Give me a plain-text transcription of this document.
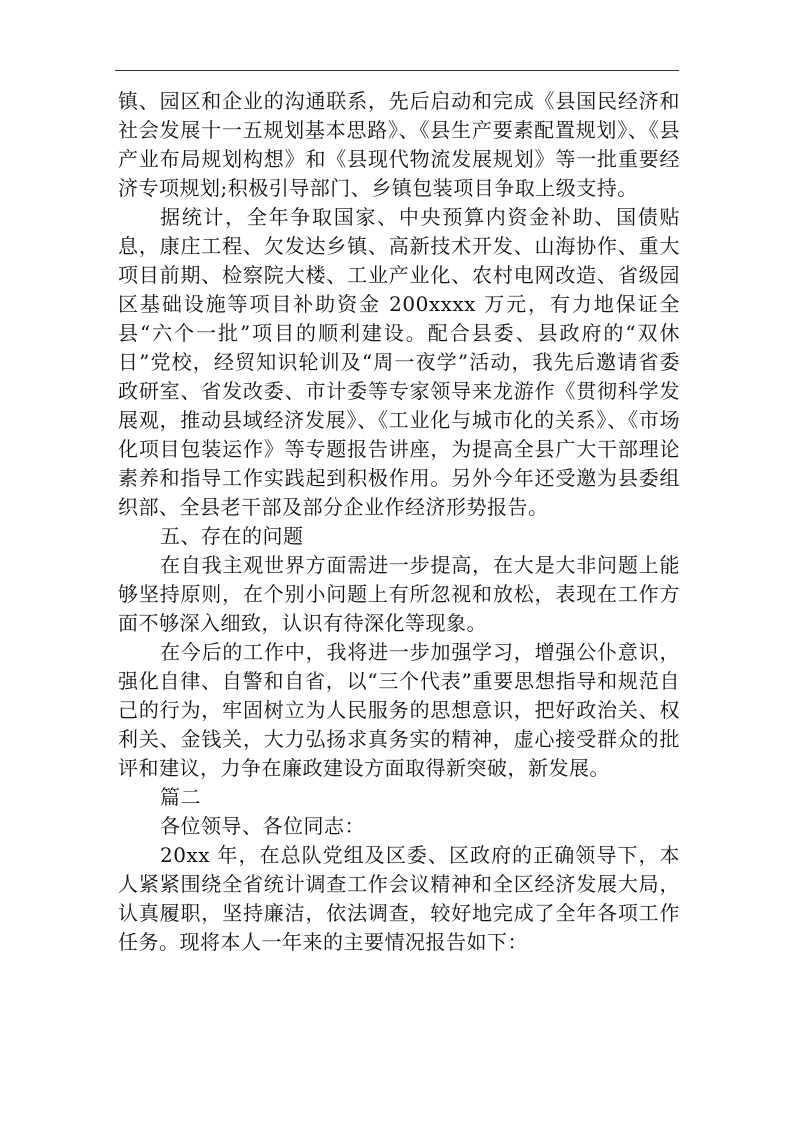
镇、园区和企业的沟通联系，先后启动和完成《县国民经济和社会发展十一五规划基本思路》、《县生产要素配置规划》、《县产业布局规划构想》和《县现代物流发展规划》等一批重要经济专项规划;积极引导部门、乡镇包装项目争取上级支持。

据统计，全年争取国家、中央预算内资金补助、国债贴息，康庄工程、欠发达乡镇、高新技术开发、山海协作、重大项目前期、检察院大楼、工业产业化、农村电网改造、省级园区基础设施等项目补助资金 200xxxx 万元，有力地保证全县“六个一批”项目的顺利建设。配合县委、县政府的“双休日”党校，经贸知识轮训及“周一夜学”活动，我先后邀请省委政研室、省发改委、市计委等专家领导来龙游作《贯彻科学发展观，推动县域经济发展》、《工业化与城市化的关系》、《市场化项目包装运作》等专题报告讲座，为提高全县广大干部理论素养和指导工作实践起到积极作用。另外今年还受邀为县委组织部、全县老干部及部分企业作经济形势报告。

五、存在的问题

在自我主观世界方面需进一步提高，在大是大非问题上能够坚持原则，在个别小问题上有所忽视和放松，表现在工作方面不够深入细致，认识有待深化等现象。

在今后的工作中，我将进一步加强学习，增强公仆意识，强化自律、自警和自省，以“三个代表”重要思想指导和规范自己的行为，牢固树立为人民服务的思想意识，把好政治关、权利关、金钱关，大力弘扬求真务实的精神，虚心接受群众的批评和建议，力争在廉政建设方面取得新突破，新发展。

篇二

各位领导、各位同志：

20xx 年，在总队党组及区委、区政府的正确领导下，本人紧紧围绕全省统计调查工作会议精神和全区经济发展大局，认真履职，坚持廉洁，依法调查，较好地完成了全年各项工作任务。现将本人一年来的主要情况报告如下：
